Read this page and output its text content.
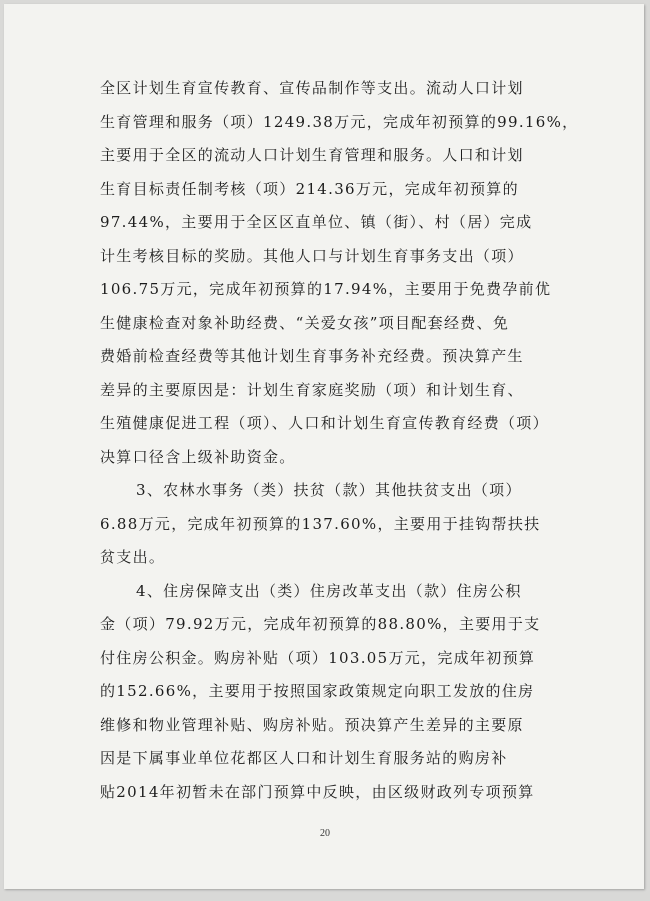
全区计划生育宣传教育、宣传品制作等支出。流动人口计划
生育管理和服务（项）1249.38万元，完成年初预算的99.16%，
主要用于全区的流动人口计划生育管理和服务。人口和计划
生育目标责任制考核（项）214.36万元，完成年初预算的
97.44%，主要用于全区区直单位、镇（街）、村（居）完成
计生考核目标的奖励。其他人口与计划生育事务支出（项）
106.75万元，完成年初预算的17.94%，主要用于免费孕前优
生健康检查对象补助经费、“关爱女孩”项目配套经费、免
费婚前检查经费等其他计划生育事务补充经费。预决算产生
差异的主要原因是：计划生育家庭奖励（项）和计划生育、
生殖健康促进工程（项）、人口和计划生育宣传教育经费（项）
决算口径含上级补助资金。
3、农林水事务（类）扶贫（款）其他扶贫支出（项）
6.88万元，完成年初预算的137.60%，主要用于挂钩帮扶扶
贫支出。
4、住房保障支出（类）住房改革支出（款）住房公积
金（项）79.92万元，完成年初预算的88.80%，主要用于支
付住房公积金。购房补贴（项）103.05万元，完成年初预算
的152.66%，主要用于按照国家政策规定向职工发放的住房
维修和物业管理补贴、购房补贴。预决算产生差异的主要原
因是下属事业单位花都区人口和计划生育服务站的购房补
贴2014年初暂未在部门预算中反映，由区级财政列专项预算
20
